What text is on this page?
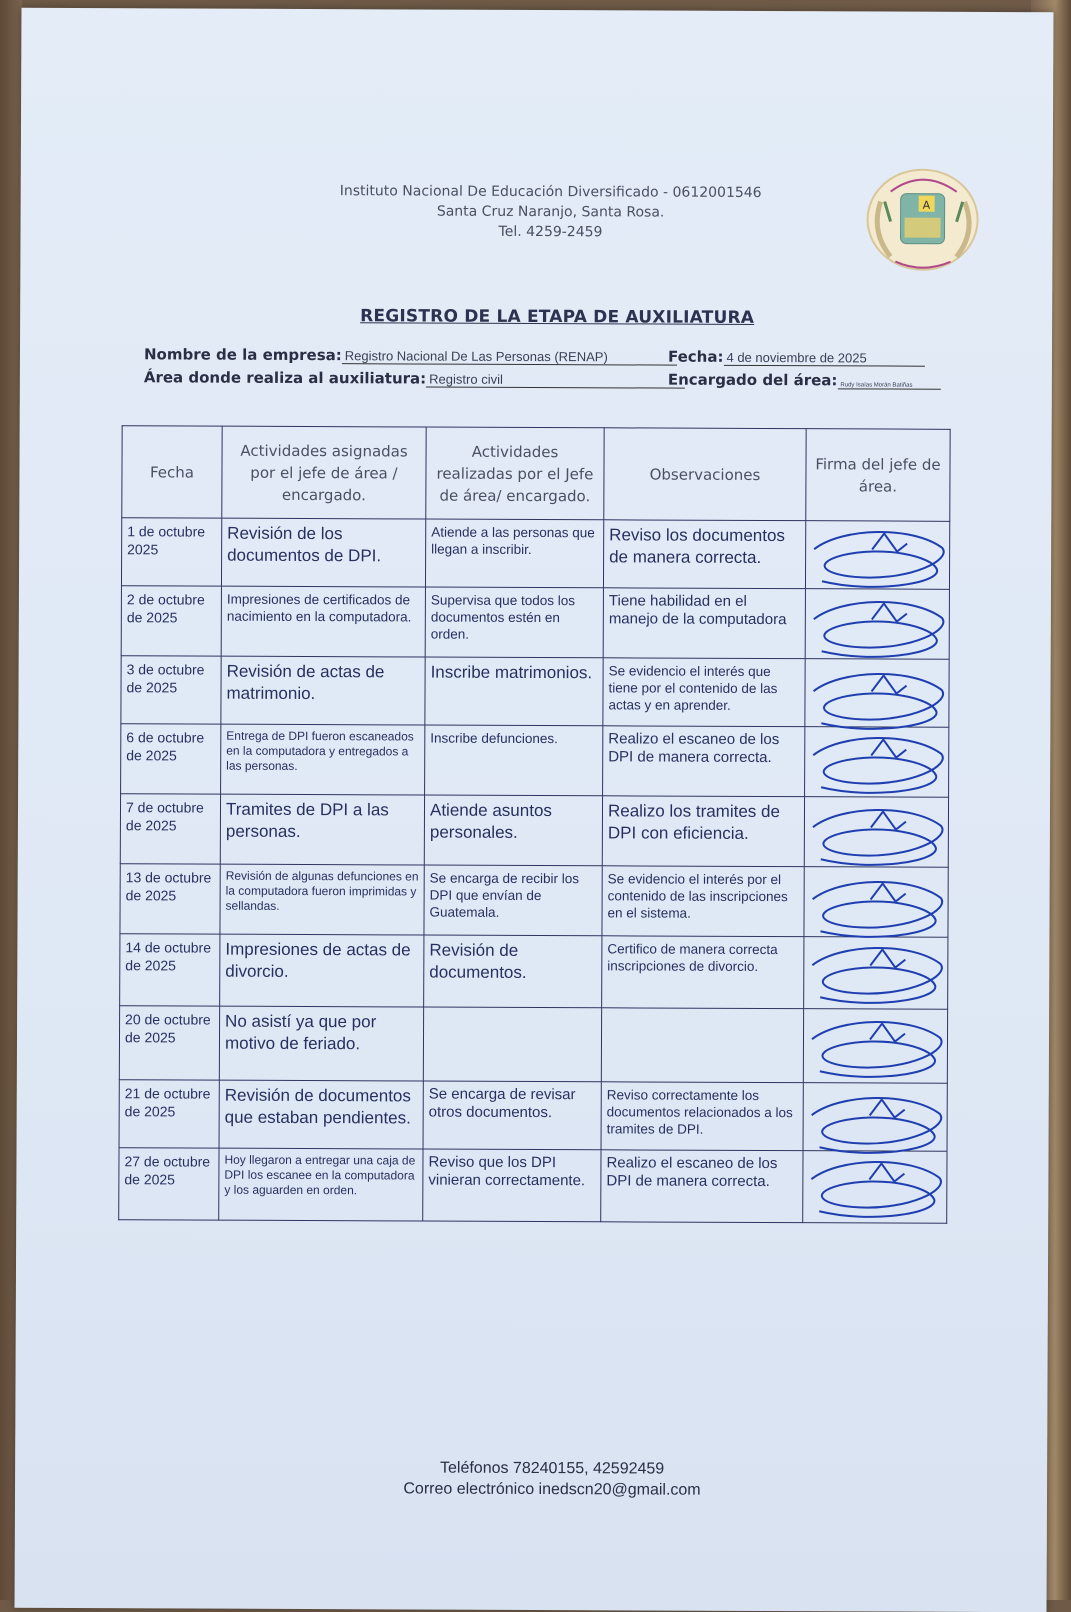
Instituto Nacional De Educación Diversificado - 0612001546
Santa Cruz Naranjo, Santa Rosa.
Tel. 4259-2459
A
REGISTRO DE LA ETAPA DE AUXILIATURA
Nombre de la empresa: Registro Nacional De Las Personas (RENAP)	Fecha: 4 de noviembre de 2025
Área donde realiza al auxiliatura: Registro civil	Encargado del área: Rudy Isaías Morán Batiñas
Fecha	Actividades asignadas por el jefe de área / encargado.	Actividades realizadas por el Jefe de área/ encargado.	Observaciones	Firma del jefe de área.
1 de octubre 2025	Revisión de los documentos de DPI.	Atiende a las personas que llegan a inscribir.	Reviso los documentos de manera correcta.	

2 de octubre de 2025	Impresiones de certificados de nacimiento en la computadora.	Supervisa que todos los documentos estén en orden.	Tiene habilidad en el manejo de la computadora	

3 de octubre de 2025	Revisión de actas de matrimonio.	Inscribe matrimonios.	Se evidencio el interés que tiene por el contenido de las actas y en aprender.	

6 de octubre de 2025	Entrega de DPI fueron escaneados en la computadora y entregados a las personas.	Inscribe defunciones.	Realizo el escaneo de los DPI de manera correcta.	

7 de octubre de 2025	Tramites de DPI a las personas.	Atiende asuntos personales.	Realizo los tramites de DPI con eficiencia.	

13 de octubre de 2025	Revisión de algunas defunciones en la computadora fueron imprimidas y sellandas.	Se encarga de recibir los DPI que envían de Guatemala.	Se evidencio el interés por el contenido de las inscripciones en el sistema.	

14 de octubre de 2025	Impresiones de actas de divorcio.	Revisión de documentos.	Certifico de manera correcta inscripciones de divorcio.	

20 de octubre de 2025	No asistí ya que por motivo de feriado.			

21 de octubre de 2025	Revisión de documentos que estaban pendientes.	Se encarga de revisar otros documentos.	Reviso correctamente los documentos relacionados a los tramites de DPI.	

27 de octubre de 2025	Hoy llegaron a entregar una caja de DPI los escanee en la computadora y los aguarden en orden.	Reviso que los DPI vinieran correctamente.	Realizo el escaneo de los DPI de manera correcta.	
Teléfonos 78240155, 42592459
Correo electrónico inedscn20@gmail.com
